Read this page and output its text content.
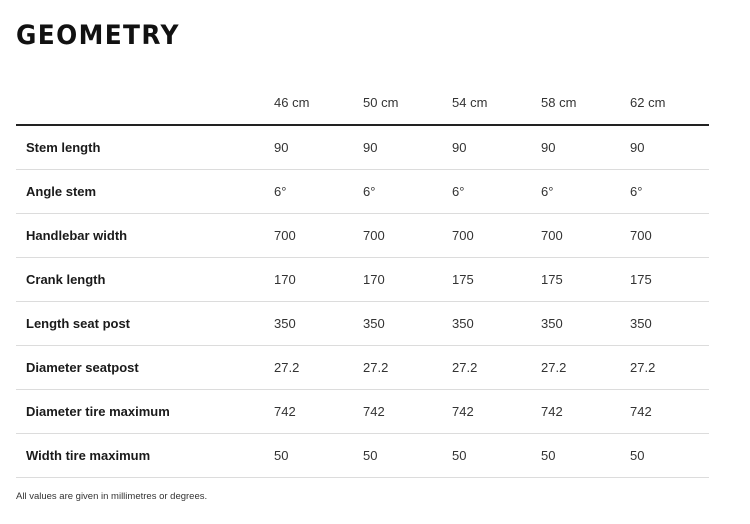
GEOMETRY
	46 cm	50 cm	54 cm	58 cm	62 cm
Stem length	90	90	90	90	90
Angle stem	6°	6°	6°	6°	6°
Handlebar width	700	700	700	700	700
Crank length	170	170	175	175	175
Length seat post	350	350	350	350	350
Diameter seatpost	27.2	27.2	27.2	27.2	27.2
Diameter tire maximum	742	742	742	742	742
Width tire maximum	50	50	50	50	50

All values are given in millimetres or degrees.
